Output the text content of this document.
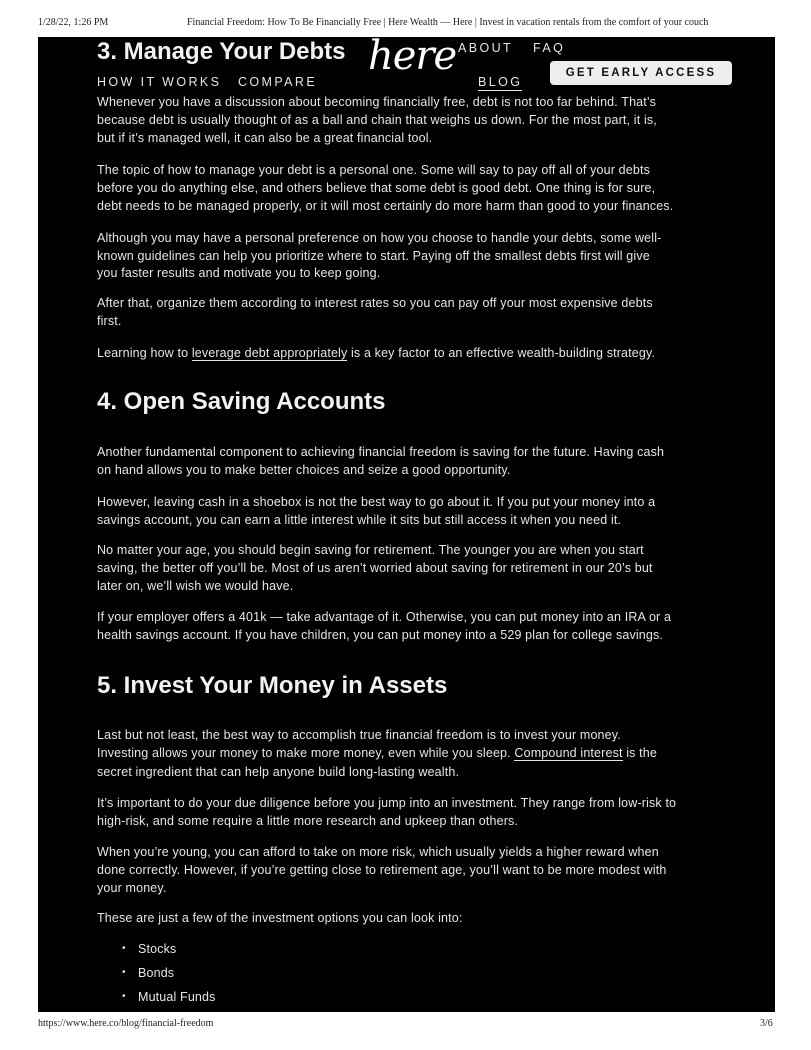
1/28/22, 1:26 PM	Financial Freedom: How To Be Financially Free | Here Wealth — Here | Invest in vacation rentals from the comfort of your couch
3. Manage Your Debts here ABOUT FAQ
HOW IT WORKS COMPARE	BLOG
GET EARLY ACCESS
Whenever you have a discussion about becoming financially free, debt is not too far behind. That’s
because debt is usually thought of as a ball and chain that weighs us down. For the most part, it is,
but if it’s managed well, it can also be a great financial tool.
The topic of how to manage your debt is a personal one. Some will say to pay off all of your debts
before you do anything else, and others believe that some debt is good debt. One thing is for sure,
debt needs to be managed properly, or it will most certainly do more harm than good to your finances.
Although you may have a personal preference on how you choose to handle your debts, some well-
known guidelines can help you prioritize where to start. Paying off the smallest debts first will give
you faster results and motivate you to keep going.
After that, organize them according to interest rates so you can pay off your most expensive debts
first.
Learning how to leverage debt appropriately is a key factor to an effective wealth-building strategy.
4. Open Saving Accounts
Another fundamental component to achieving financial freedom is saving for the future. Having cash
on hand allows you to make better choices and seize a good opportunity.
However, leaving cash in a shoebox is not the best way to go about it. If you put your money into a
savings account, you can earn a little interest while it sits but still access it when you need it.
No matter your age, you should begin saving for retirement. The younger you are when you start
saving, the better off you’ll be. Most of us aren’t worried about saving for retirement in our 20’s but
later on, we’ll wish we would have.
If your employer offers a 401k — take advantage of it. Otherwise, you can put money into an IRA or a
health savings account. If you have children, you can put money into a 529 plan for college savings.
5. Invest Your Money in Assets
Last but not least, the best way to accomplish true financial freedom is to invest your money.
Investing allows your money to make more money, even while you sleep. Compound interest is the
secret ingredient that can help anyone build long-lasting wealth.
It’s important to do your due diligence before you jump into an investment. They range from low-risk to
high-risk, and some require a little more research and upkeep than others.
When you’re young, you can afford to take on more risk, which usually yields a higher reward when
done correctly. However, if you’re getting close to retirement age, you’ll want to be more modest with
your money.
These are just a few of the investment options you can look into:
• Stocks
• Bonds
• Mutual Funds
https://www.here.co/blog/financial-freedom	3/6
